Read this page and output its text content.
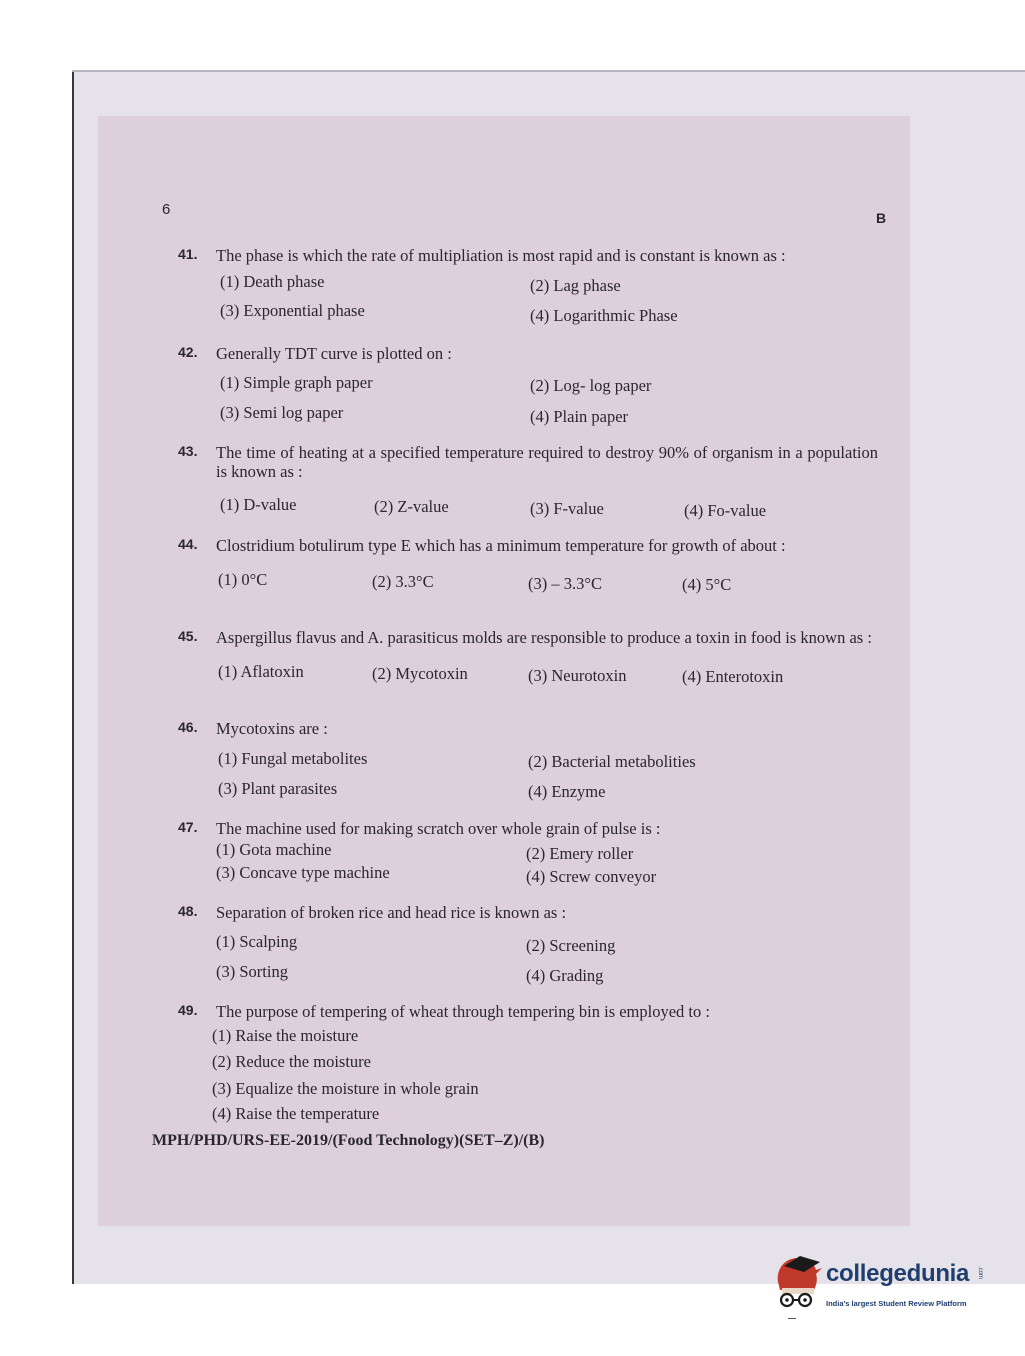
6	B
41. The phase is which the rate of multipliation is most rapid and is constant is known as :
(1) Death phase	(2) Lag phase
(3) Exponential phase	(4) Logarithmic Phase
42. Generally TDT curve is plotted on :
(1) Simple graph paper	(2) Log- log paper
(3) Semi log paper	(4) Plain paper
43. The time of heating at a specified temperature required to destroy 90% of organism in a population is known as :
(1) D-value	(2) Z-value	(3) F-value	(4) Fo-value
44. Clostridium botulirum type E which has a minimum temperature for growth of about :
(1) 0°C	(2) 3.3°C	(3) – 3.3°C	(4) 5°C
45. Aspergillus flavus and A. parasiticus molds are responsible to produce a toxin in food is known as :
(1) Aflatoxin	(2) Mycotoxin	(3) Neurotoxin	(4) Enterotoxin
46. Mycotoxins are :
(1) Fungal metabolites	(2) Bacterial metabolities
(3) Plant parasites	(4) Enzyme
47. The machine used for making scratch over whole grain of pulse is :
(1) Gota machine	(2) Emery roller
(3) Concave type machine	(4) Screw conveyor
48. Separation of broken rice and head rice is known as :
(1) Scalping	(2) Screening
(3) Sorting	(4) Grading
49. The purpose of tempering of wheat through tempering bin is employed to :
(1) Raise the moisture
(2) Reduce the moisture
(3) Equalize the moisture in whole grain
(4) Raise the temperature
MPH/PHD/URS-EE-2019/(Food Technology)(SET–Z)/(B)
collegedunia .com
India's largest Student Review Platform
